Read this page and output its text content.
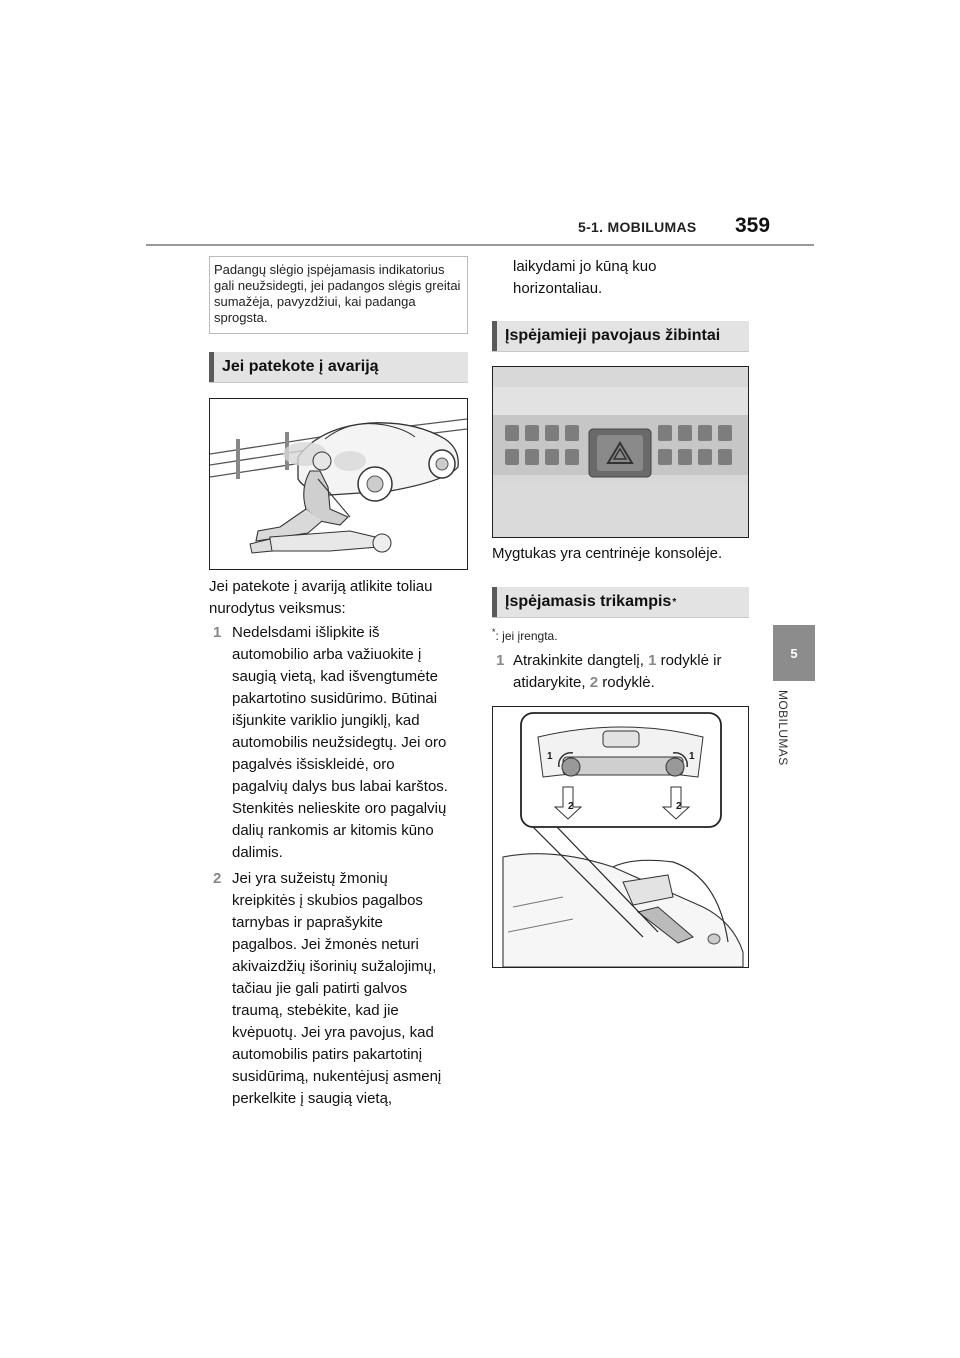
5-1. MOBILUMAS 359
5
MOBILUMAS
Padangų slėgio įspėjamasis indikatorius gali neužsidegti, jei padangos slėgis greitai sumažėja, pavyzdžiui, kai padanga sprogsta.
Jei patekote į avariją
Jei patekote į avariją atlikite toliau
nurodytus veiksmus:
1 Nedelsdami išlipkite iš
automobilio arba važiuokite į
saugią vietą, kad išvengtumėte
pakartotino susidūrimo. Būtinai
išjunkite variklio jungiklį, kad
automobilis neužsidegtų. Jei oro
pagalvės išsiskleidė, oro
pagalvių dalys bus labai karštos.
Stenkitės nelieskite oro pagalvių
dalių rankomis ar kitomis kūno
dalimis.
2 Jei yra sužeistų žmonių
kreipkitės į skubios pagalbos
tarnybas ir paprašykite
pagalbos. Jei žmonės neturi
akivaizdžių išorinių sužalojimų,
tačiau jie gali patirti galvos
traumą, stebėkite, kad jie
kvėpuotų. Jei yra pavojus, kad
automobilis patirs pakartotinį
susidūrimą, nukentėjusį asmenį
perkelkite į saugią vietą,
laikydami jo kūną kuo
horizontaliau.
Įspėjamieji pavojaus žibintai
Mygtukas yra centrinėje konsolėje.
Įspėjamasis trikampis *
*: jei įrengta.
1 Atrakinkite dangtelį, 1 rodyklė ir
atidarykite, 2 rodyklė.
1	1
2	2
